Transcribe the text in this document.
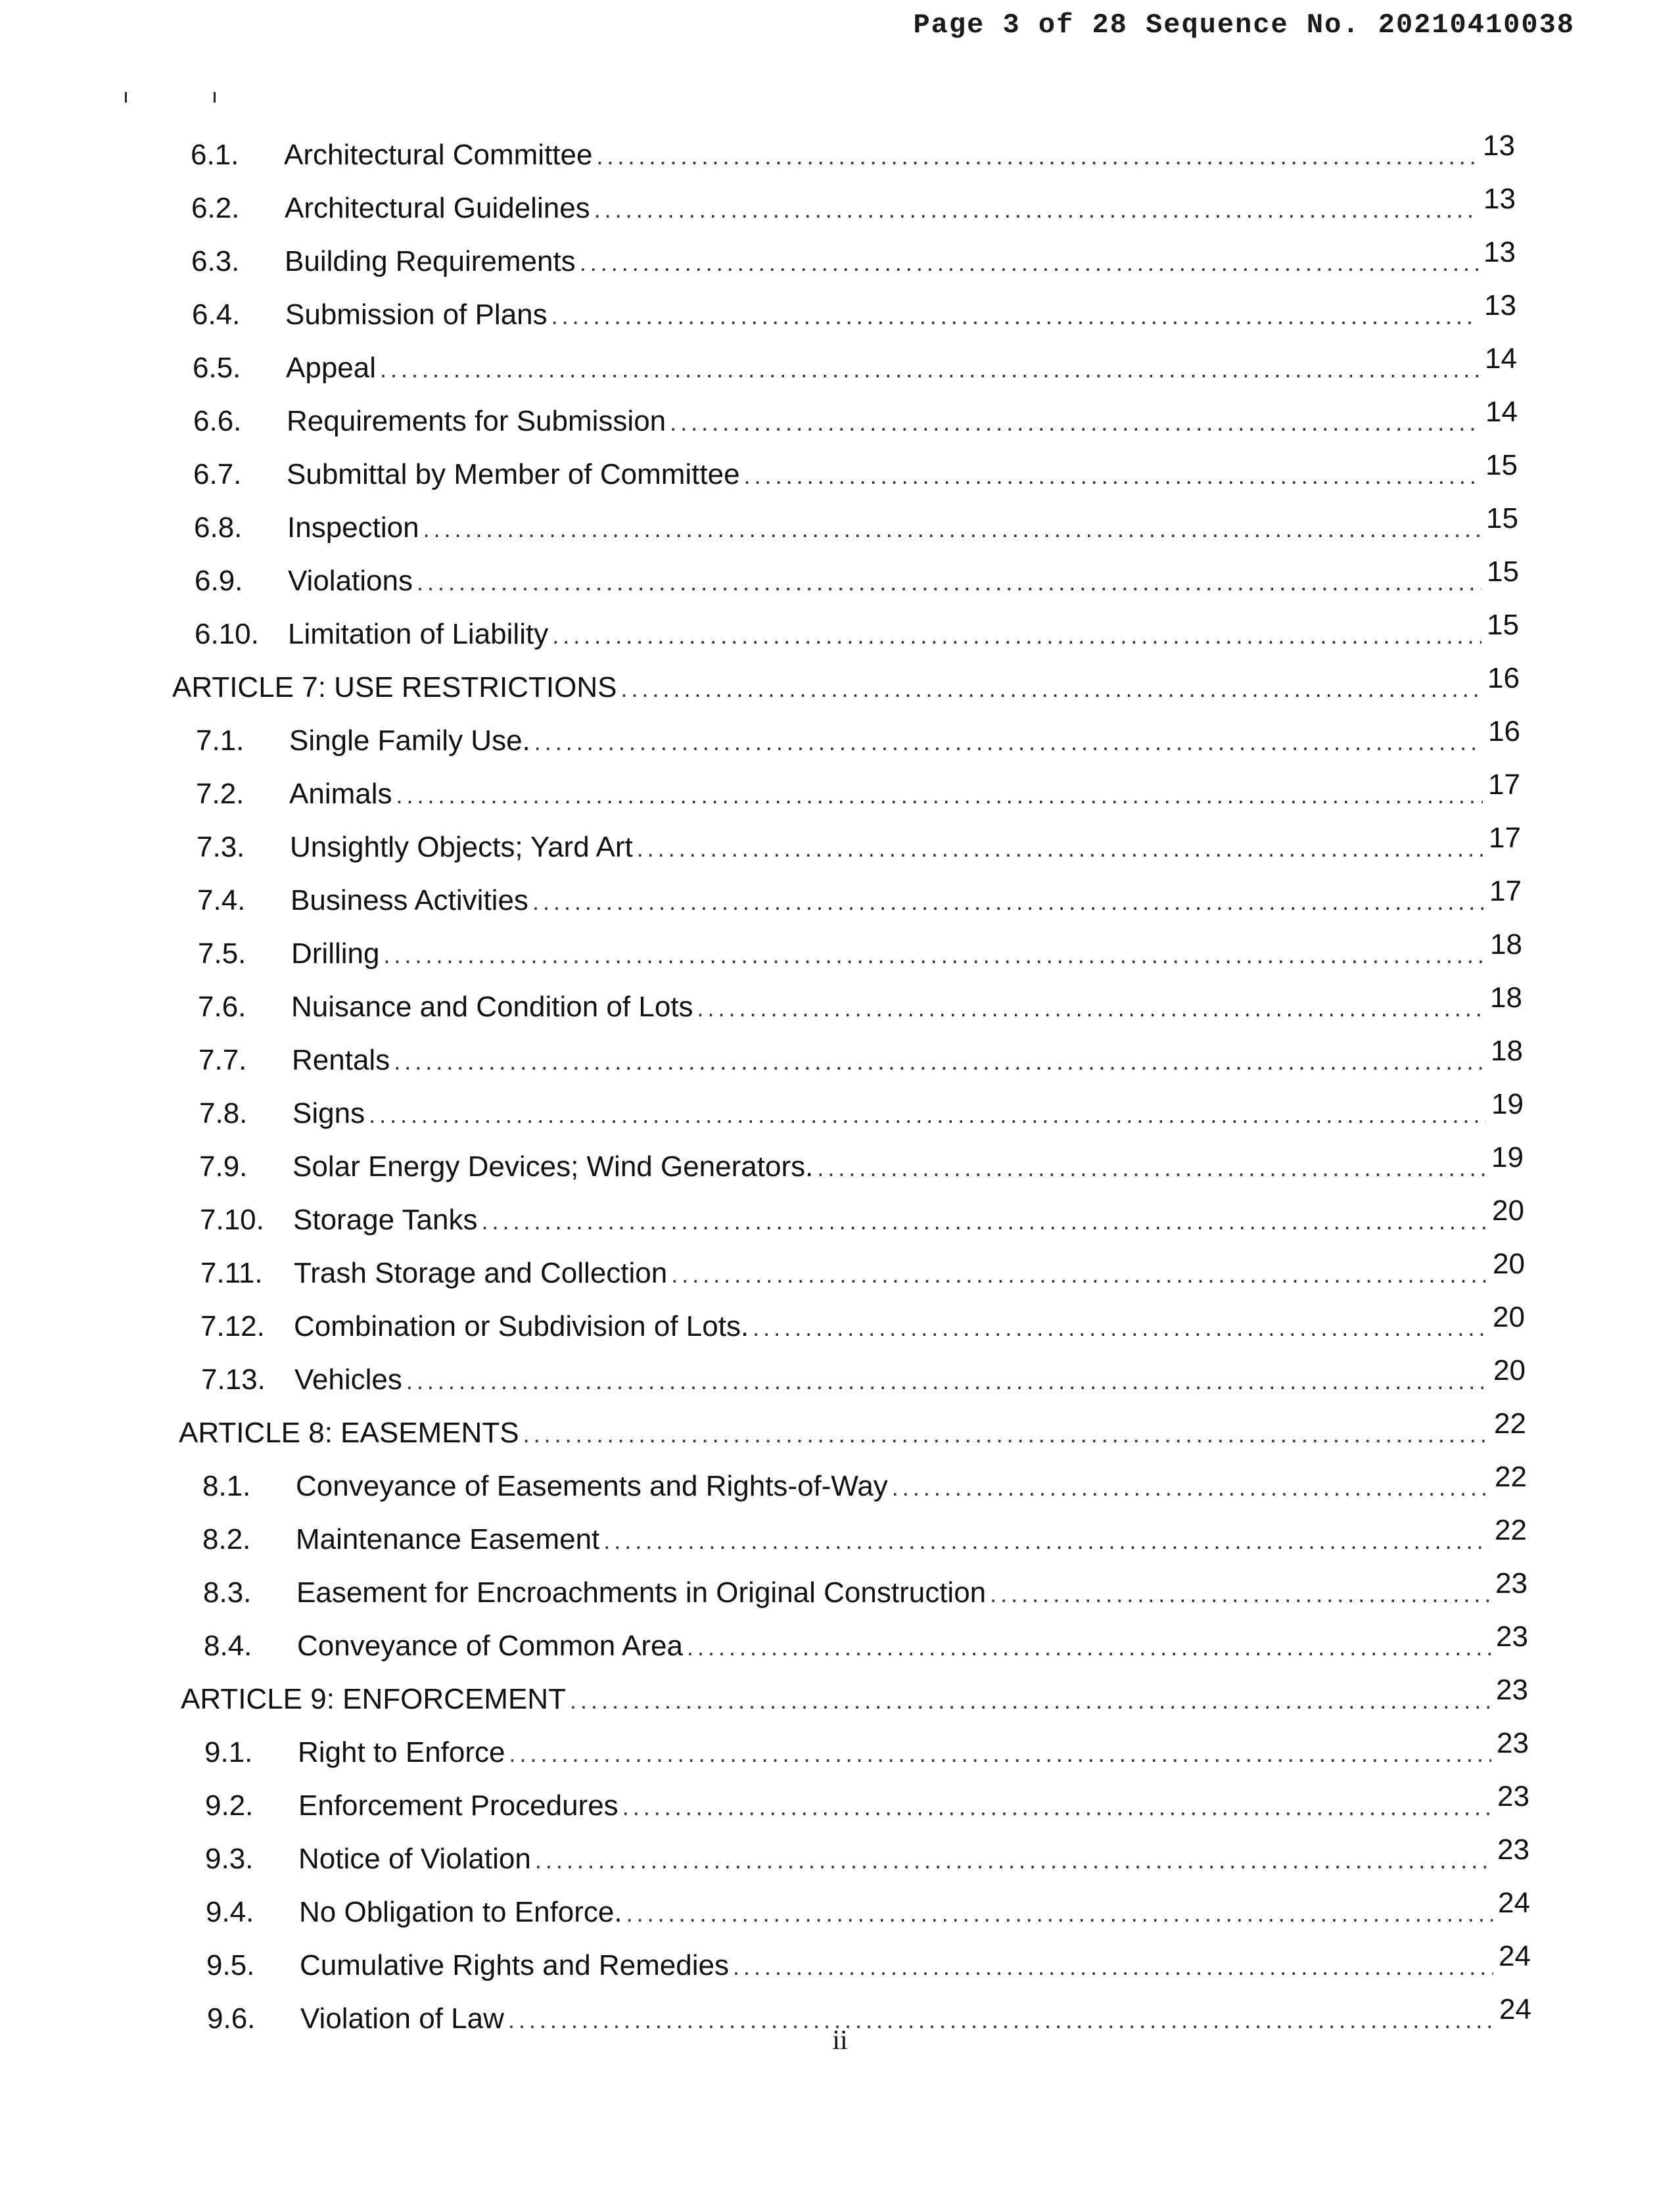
Page 3 of 28 Sequence No. 20210410038
6.1.	Architectural Committee . . .	13
6.2.	Architectural Guidelines . . .	13
6.3.	Building Requirements . . .	13
6.4.	Submission of Plans . . .	13
6.5.	Appeal . . .	14
6.6.	Requirements for Submission . . .	14
6.7.	Submittal by Member of Committee . . .	15
6.8.	Inspection . . .	15
6.9.	Violations . . .	15
6.10.	Limitation of Liability . . .	15
ARTICLE 7: USE RESTRICTIONS . . .	16
7.1.	Single Family Use. . . .	16
7.2.	Animals . . .	17
7.3.	Unsightly Objects; Yard Art . . .	17
7.4.	Business Activities . . .	17
7.5.	Drilling . . .	18
7.6.	Nuisance and Condition of Lots . . .	18
7.7.	Rentals . . .	18
7.8.	Signs . . .	19
7.9.	Solar Energy Devices; Wind Generators. . . .	19
7.10.	Storage Tanks . . .	20
7.11.	Trash Storage and Collection . . .	20
7.12.	Combination or Subdivision of Lots. . . .	20
7.13.	Vehicles . . .	20
ARTICLE 8: EASEMENTS . . .	22
8.1.	Conveyance of Easements and Rights-of-Way . . .	22
8.2.	Maintenance Easement . . .	22
8.3.	Easement for Encroachments in Original Construction . . .	23
8.4.	Conveyance of Common Area . . .	23
ARTICLE 9: ENFORCEMENT . . .	23
9.1.	Right to Enforce . . .	23
9.2.	Enforcement Procedures . . .	23
9.3.	Notice of Violation . . .	23
9.4.	No Obligation to Enforce. . . .	24
9.5.	Cumulative Rights and Remedies . . .	24
9.6.	Violation of Law . . .	24
ii
